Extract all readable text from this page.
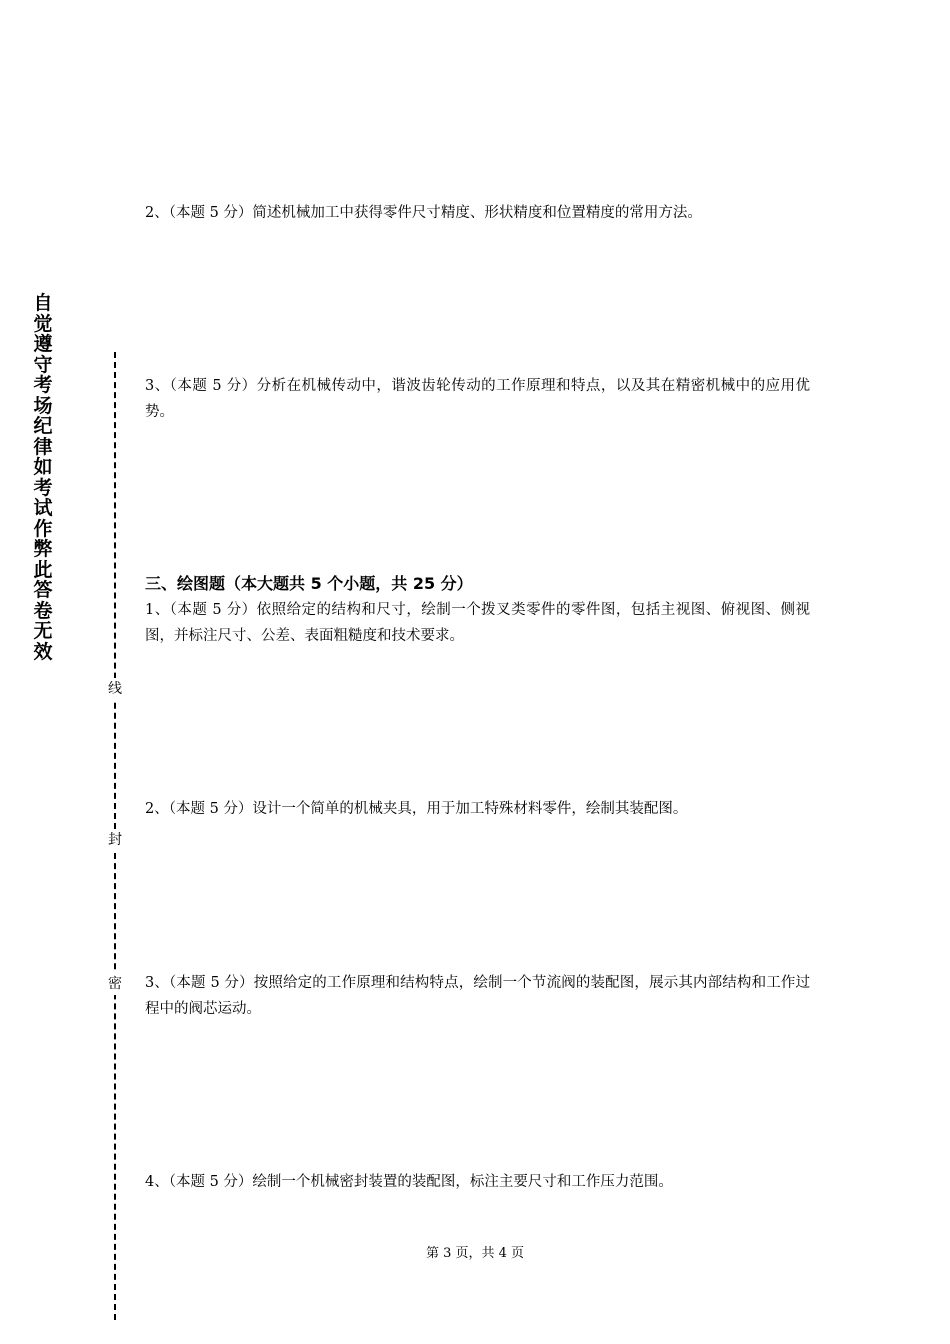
自觉遵守考场纪律如考试作弊此答卷无效
线
封
密
2、（本题 5 分）简述机械加工中获得零件尺寸精度、形状精度和位置精度的常用方法。
3、（本题 5 分）分析在机械传动中，谐波齿轮传动的工作原理和特点，以及其在精密机械中的应用优势。
三、绘图题（本大题共 5 个小题，共 25 分）
1、（本题 5 分）依照给定的结构和尺寸，绘制一个拨叉类零件的零件图，包括主视图、俯视图、侧视图，并标注尺寸、公差、表面粗糙度和技术要求。
2、（本题 5 分）设计一个简单的机械夹具，用于加工特殊材料零件，绘制其装配图。
3、（本题 5 分）按照给定的工作原理和结构特点，绘制一个节流阀的装配图，展示其内部结构和工作过程中的阀芯运动。
4、（本题 5 分）绘制一个机械密封装置的装配图，标注主要尺寸和工作压力范围。
第 3 页，共 4 页
